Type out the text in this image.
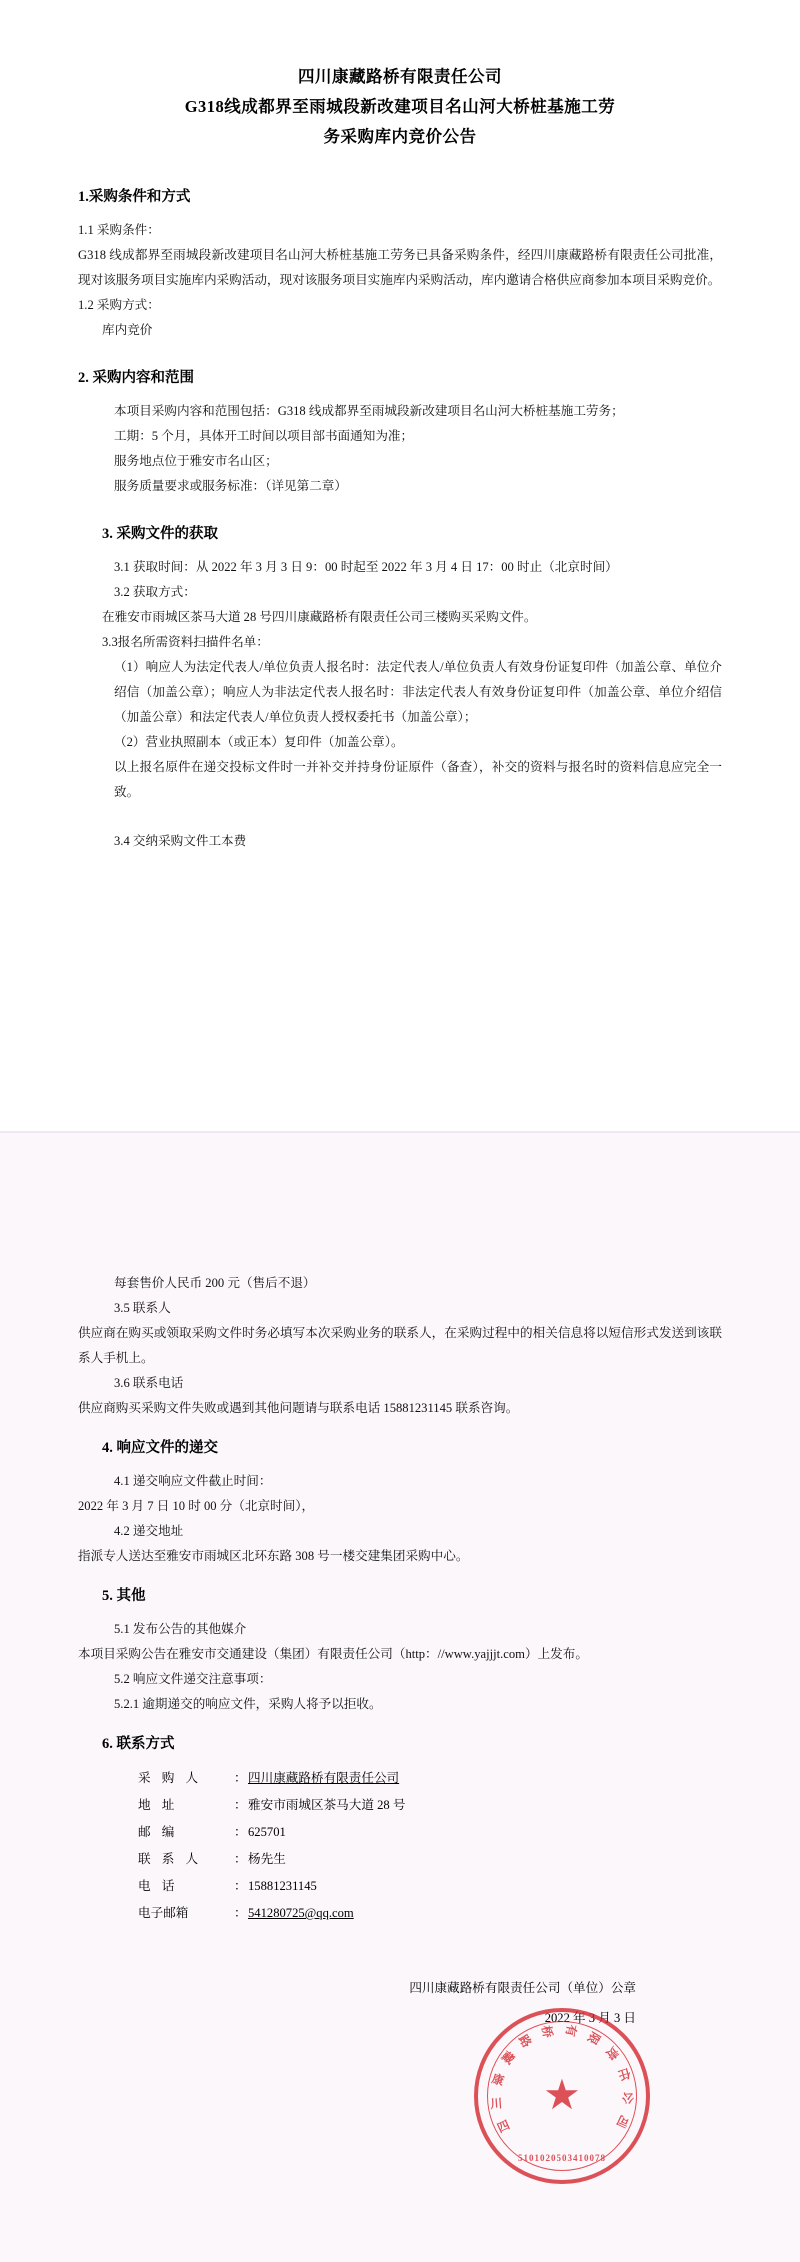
四川康藏路桥有限责任公司
G318线成都界至雨城段新改建项目名山河大桥桩基施工劳
务采购库内竞价公告
1.采购条件和方式

1.1 采购条件：

G318 线成都界至雨城段新改建项目名山河大桥桩基施工劳务已具备采购条件，经四川康藏路桥有限责任公司批准，现对该服务项目实施库内采购活动，现对该服务项目实施库内采购活动，库内邀请合格供应商参加本项目采购竞价。

1.2 采购方式：

库内竞价

2. 采购内容和范围

本项目采购内容和范围包括：G318 线成都界至雨城段新改建项目名山河大桥桩基施工劳务；

工期：5 个月，具体开工时间以项目部书面通知为准；

服务地点位于雅安市名山区；

服务质量要求或服务标准：（详见第二章）

3. 采购文件的获取

3.1 获取时间：从 2022 年 3 月 3 日 9：00 时起至 2022 年 3 月 4 日 17：00 时止（北京时间）

3.2 获取方式：

在雅安市雨城区茶马大道 28 号四川康藏路桥有限责任公司三楼购买采购文件。

3.3报名所需资料扫描件名单：

（1）响应人为法定代表人/单位负责人报名时：法定代表人/单位负责人有效身份证复印件（加盖公章、单位介绍信（加盖公章）；响应人为非法定代表人报名时：非法定代表人有效身份证复印件（加盖公章、单位介绍信（加盖公章）和法定代表人/单位负责人授权委托书（加盖公章）；

（2）营业执照副本（或正本）复印件（加盖公章）。

以上报名原件在递交投标文件时一并补交并持身份证原件（备查），补交的资料与报名时的资料信息应完全一致。

3.4 交纳采购文件工本费

每套售价人民币 200 元（售后不退）

3.5 联系人

供应商在购买或领取采购文件时务必填写本次采购业务的联系人，在采购过程中的相关信息将以短信形式发送到该联系人手机上。

3.6 联系电话

供应商购买采购文件失败或遇到其他问题请与联系电话 15881231145 联系咨询。

4. 响应文件的递交

4.1 递交响应文件截止时间：

2022 年 3 月 7 日 10 时 00 分（北京时间），

4.2 递交地址

指派专人送达至雅安市雨城区北环东路 308 号一楼交建集团采购中心。

5. 其他

5.1 发布公告的其他媒介

本项目采购公告在雅安市交通建设（集团）有限责任公司（http：//www.yajjjt.com）上发布。

5.2 响应文件递交注意事项：

5.2.1 逾期递交的响应文件，采购人将予以拒收。

6. 联系方式
采 购 人	： 四川康藏路桥有限责任公司
地 址	： 雅安市雨城区茶马大道 28 号
邮 编	： 625701
联 系 人	： 杨先生
电 话	： 15881231145
电子邮箱	： 541280725@qq.com
四川康藏路桥有限责任公司（单位）公章
2022 年 3 月 3 日
四
川
康
藏
路
桥 有 限
责
任
公
司
★
5101020503410078
